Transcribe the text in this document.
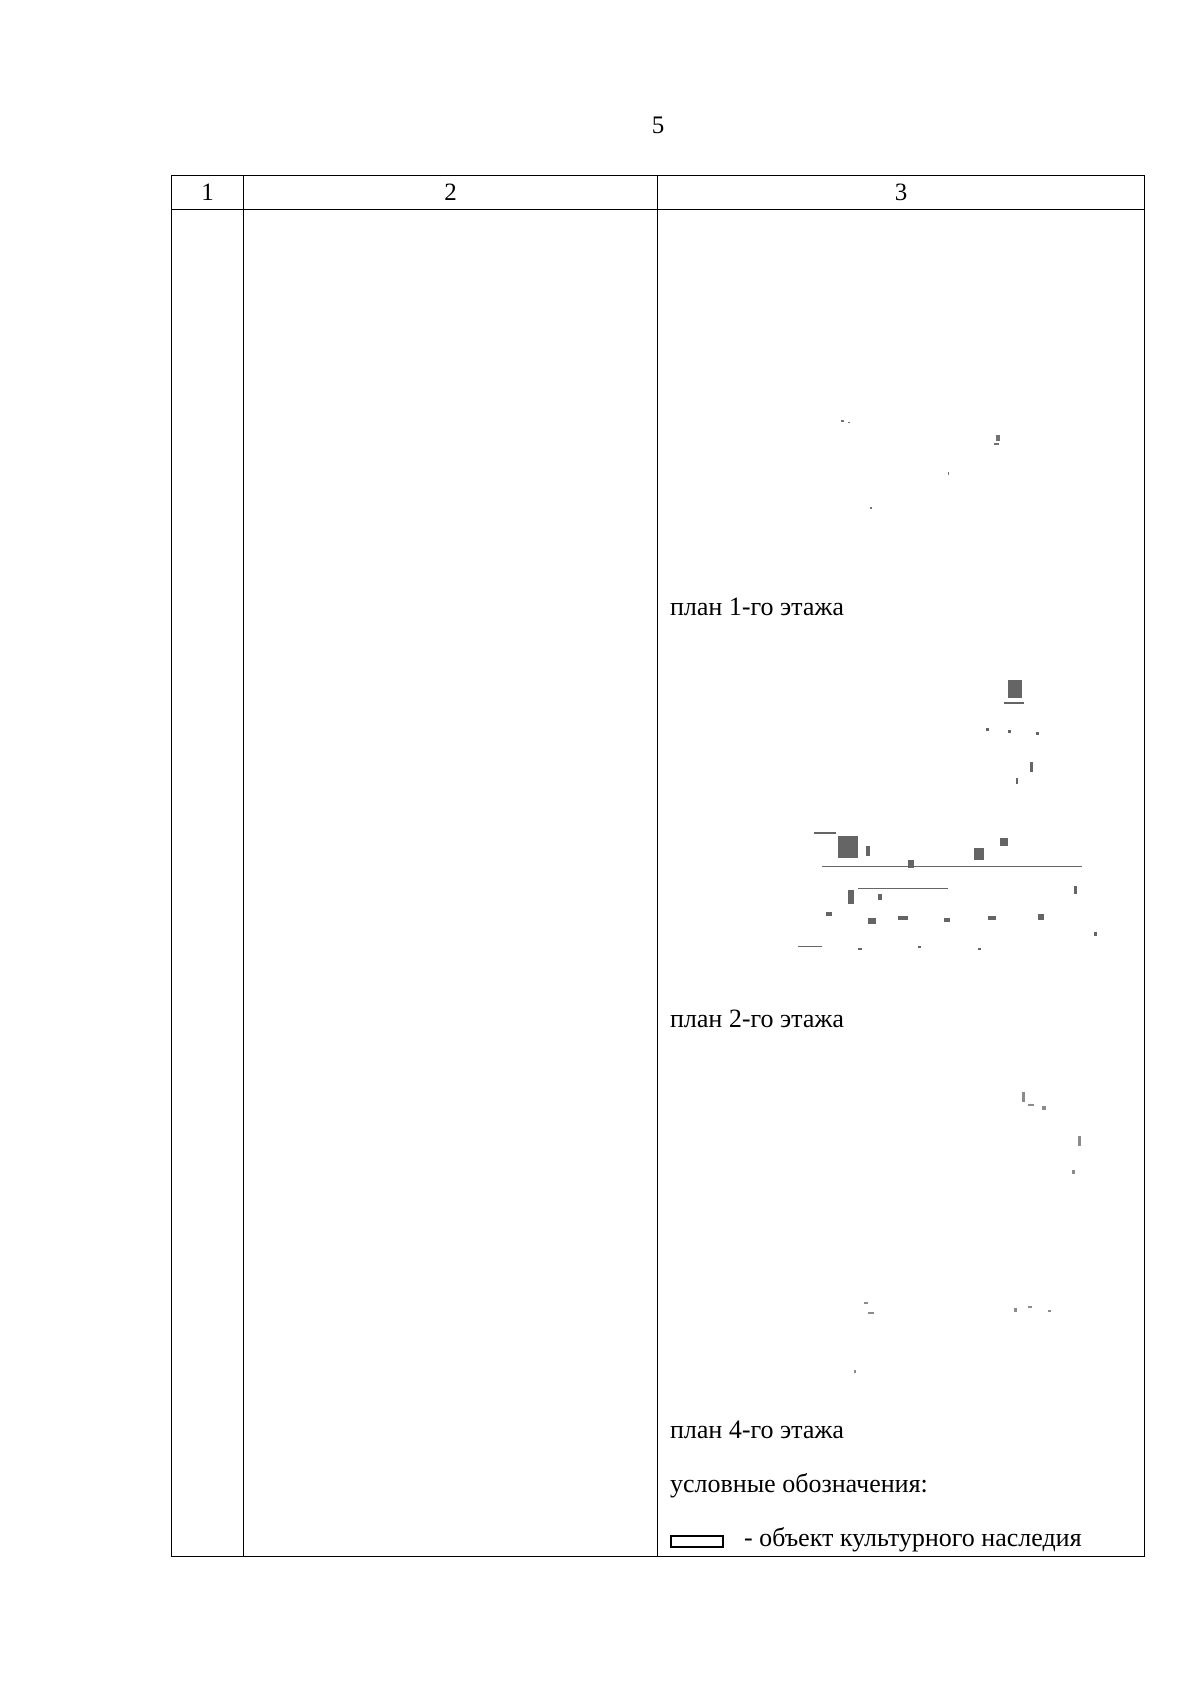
5
1	2	3

		план 1-го этажа
план 2-го этажа
план 4-го этажа
условные обозначения:
- объект культурного наследия
